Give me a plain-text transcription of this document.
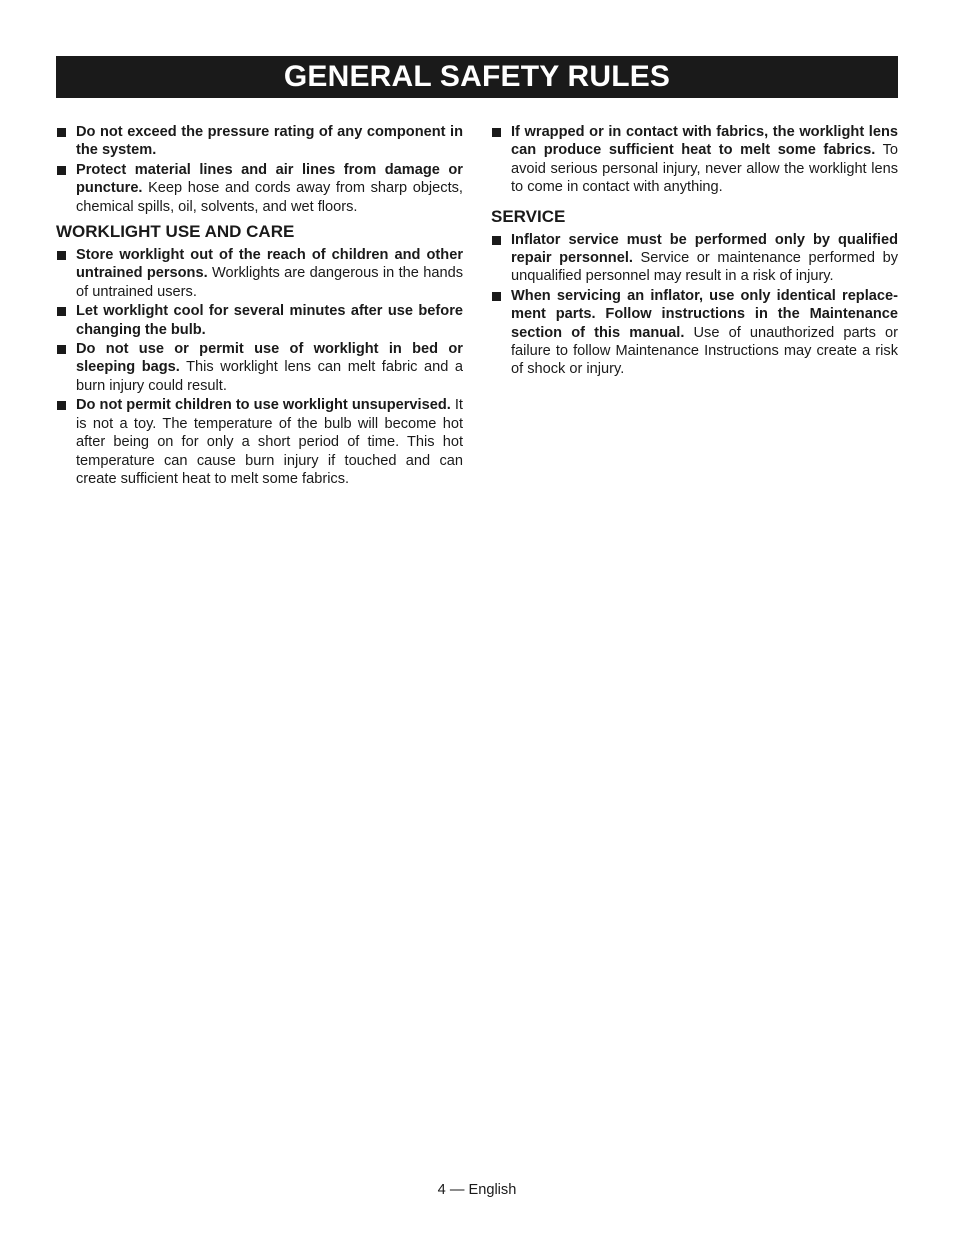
GENERAL SAFETY RULES
Do not exceed the pressure rating of any component in the system.
Protect material lines and air lines from damage or puncture. Keep hose and cords away from sharp objects, chemical spills, oil, solvents, and wet floors.
WORKLIGHT USE AND CARE
Store worklight out of the reach of children and other untrained persons. Worklights are dangerous in the hands of untrained users.
Let worklight cool for several minutes after use before changing the bulb.
Do not use or permit use of worklight in bed or sleeping bags. This worklight lens can melt fabric and a burn injury could result.
Do not permit children to use worklight unsupervised. It is not a toy. The temperature of the bulb will become hot after being on for only a short period of time. This hot temperature can cause burn injury if touched and can create sufficient heat to melt some fabrics.
If wrapped or in contact with fabrics, the worklight lens can produce sufficient heat to melt some fabrics. To avoid serious personal injury, never allow the worklight lens to come in contact with anything.
SERVICE
Inflator service must be performed only by qualified repair personnel. Service or maintenance performed by unqualified personnel may result in a risk of injury.
When servicing an inflator, use only identical replace-ment parts. Follow instructions in the Maintenance section of this manual. Use of unauthorized parts or failure to follow Maintenance Instructions may create a risk of shock or injury.
4 — English
